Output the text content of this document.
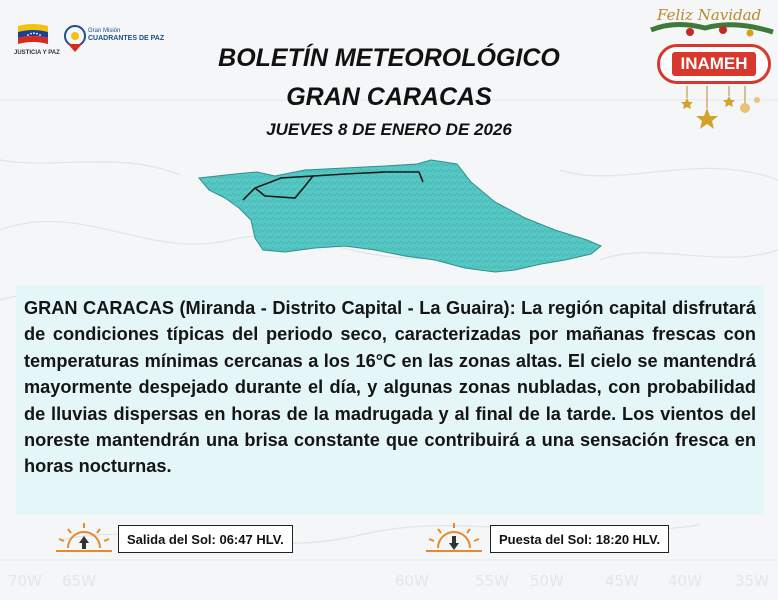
70W 65W	60W	55W 50W	45W 40W 35W
JUSTICIA Y PAZ
Gran Misión
CUADRANTES DE PAZ
BOLETÍN METEOROLÓGICO
GRAN CARACAS
JUEVES 8 DE ENERO DE 2026
Feliz Navidad
INAMEH

GRAN CARACAS (Miranda - Distrito Capital - La Guaira): La región capital disfrutará de condiciones típicas del periodo seco, caracterizadas por mañanas frescas con temperaturas mínimas cercanas a los 16°C en las zonas altas. El cielo se mantendrá mayormente despejado durante el día, y algunas zonas nubladas, con probabilidad de lluvias dispersas en horas de la madrugada y al final de la tarde. Los vientos del noreste mantendrán una brisa constante que contribuirá a una sensación fresca en horas nocturnas.

Salida del Sol: 06:47 HLV.	Puesta del Sol: 18:20 HLV.
